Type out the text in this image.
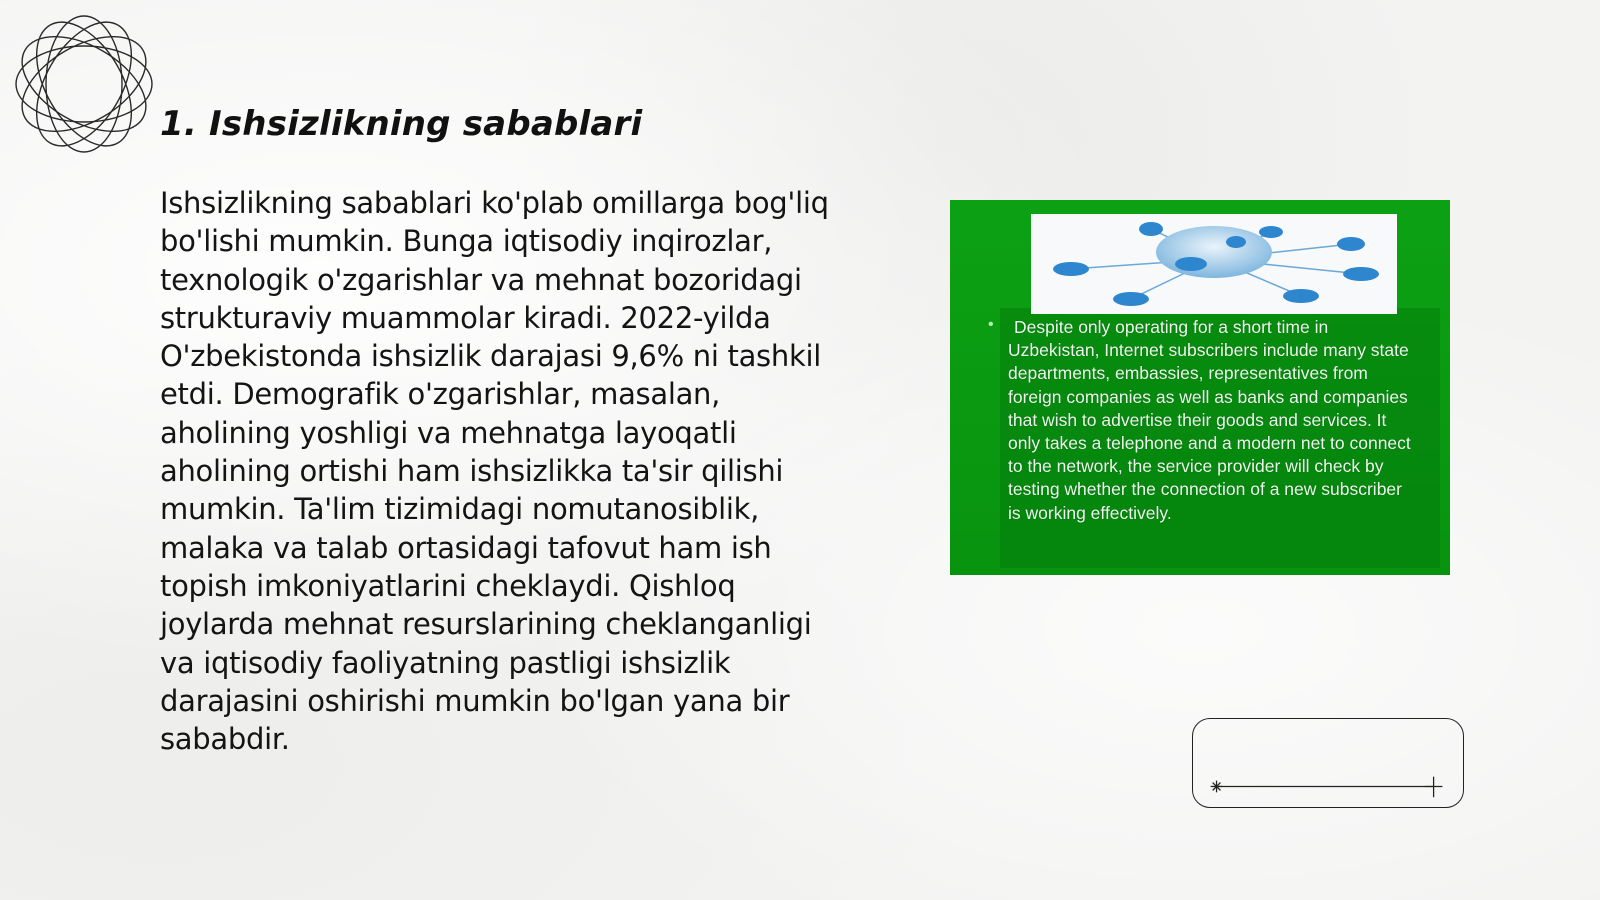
1. Ishsizlikning sabablari

Ishsizlikning sabablari ko'plab omillarga bog'liq bo'lishi mumkin. Bunga iqtisodiy inqirozlar, texnologik o'zgarishlar va mehnat bozoridagi strukturaviy muammolar kiradi. 2022-yilda O'zbekistonda ishsizlik darajasi 9,6% ni tashkil etdi. Demografik o'zgarishlar, masalan, aholining yoshligi va mehnatga layoqatli aholining ortishi ham ishsizlikka ta'sir qilishi mumkin. Ta'lim tizimidagi nomutanosiblik, malaka va talab ortasidagi tafovut ham ish topish imkoniyatlarini cheklaydi. Qishloq joylarda mehnat resurslarining cheklanganligi va iqtisodiy faoliyatning pastligi ishsizlik darajasini oshirishi mumkin bo'lgan yana bir sababdir.

•	Despite only operating for a short time in Uzbekistan, Internet subscribers include many state departments, embassies, representatives from foreign companies as well as banks and companies that wish to advertise their goods and services. It only takes a telephone and a modern net to connect to the network, the service provider will check by testing whether the connection of a new subscriber is working effectively.
